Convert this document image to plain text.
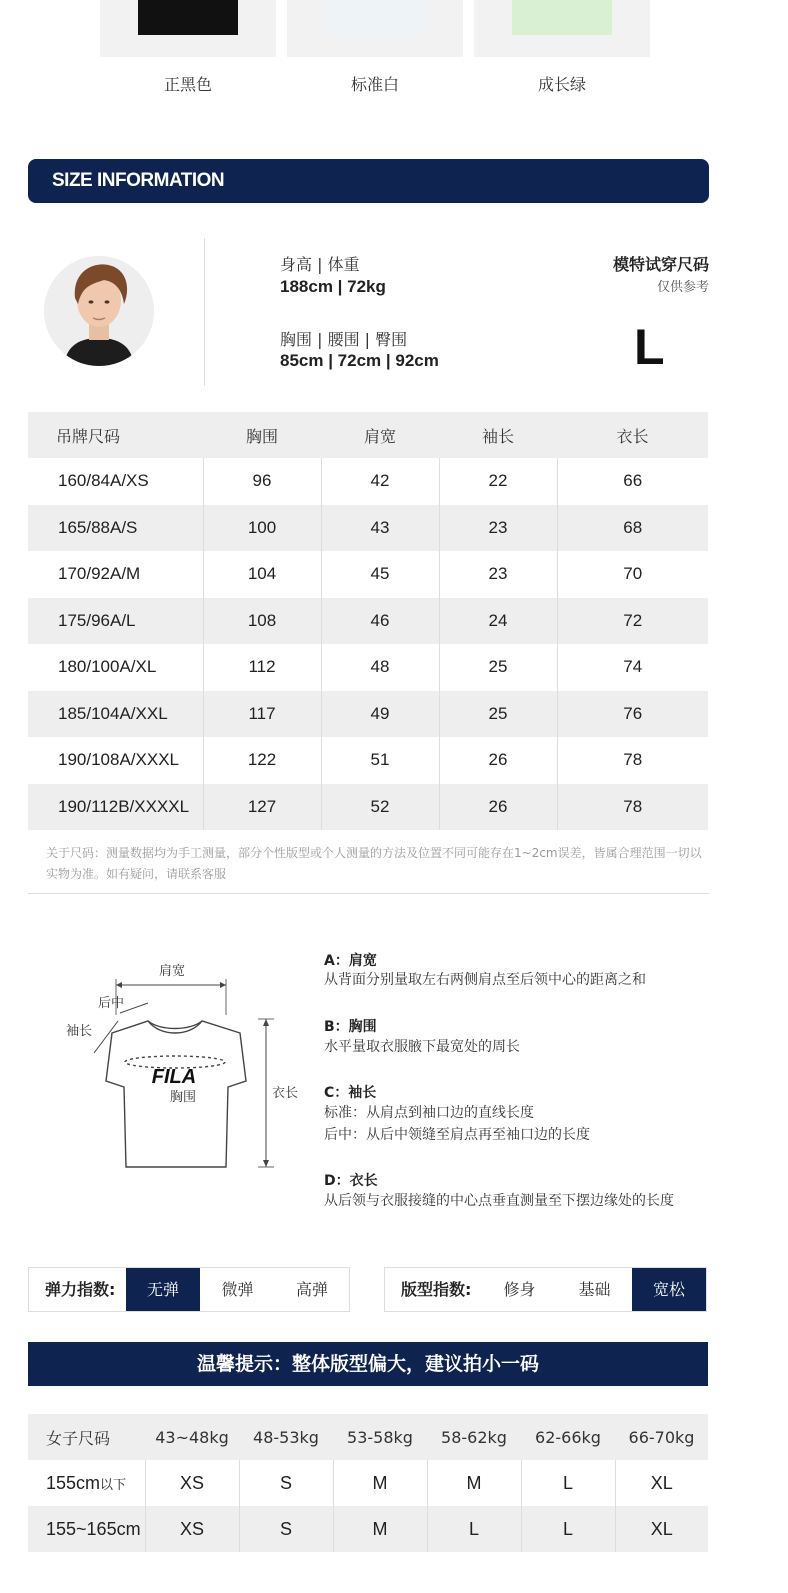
正黑色	标准白	成长绿
SIZE INFORMATION
身高 | 体重
188cm | 72kg
胸围 | 腰围 | 臀围
85cm | 72cm | 92cm
模特试穿尺码
仅供参考
L
吊牌尺码	胸围	肩宽	袖长	衣长
160/84A/XS	96	42	22	66
165/88A/S	100	43	23	68
170/92A/M	104	45	23	70
175/96A/L	108	46	24	72
180/100A/XL	112	48	25	74
185/104A/XXL	117	49	25	76
190/108A/XXXL	122	51	26	78
190/112B/XXXXL	127	52	26	78
关于尺码：测量数据均为手工测量，部分个性版型或个人测量的方法及位置不同可能存在1~2cm误差，皆属合理范围一切以实物为准。如有疑问，请联系客服
肩宽
后中
袖长
胸围	衣长
FILA
A：肩宽
从背面分别量取左右两侧肩点至后领中心的距离之和
B：胸围
水平量取衣服腋下最宽处的周长
C：袖长
标准：从肩点到袖口边的直线长度
后中：从后中领缝至肩点再至袖口边的长度
D：衣长
从后领与衣服接缝的中心点垂直测量至下摆边缘处的长度
弹力指数:	无弹	微弹	高弹	版型指数:	修身	基础	宽松
温馨提示：整体版型偏大，建议拍小一码
女子尺码	43~48kg	48-53kg	53-58kg	58-62kg	62-66kg	66-70kg
155cm以下	XS	S	M	M	L	XL
155~165cm	XS	S	M	L	L	XL
